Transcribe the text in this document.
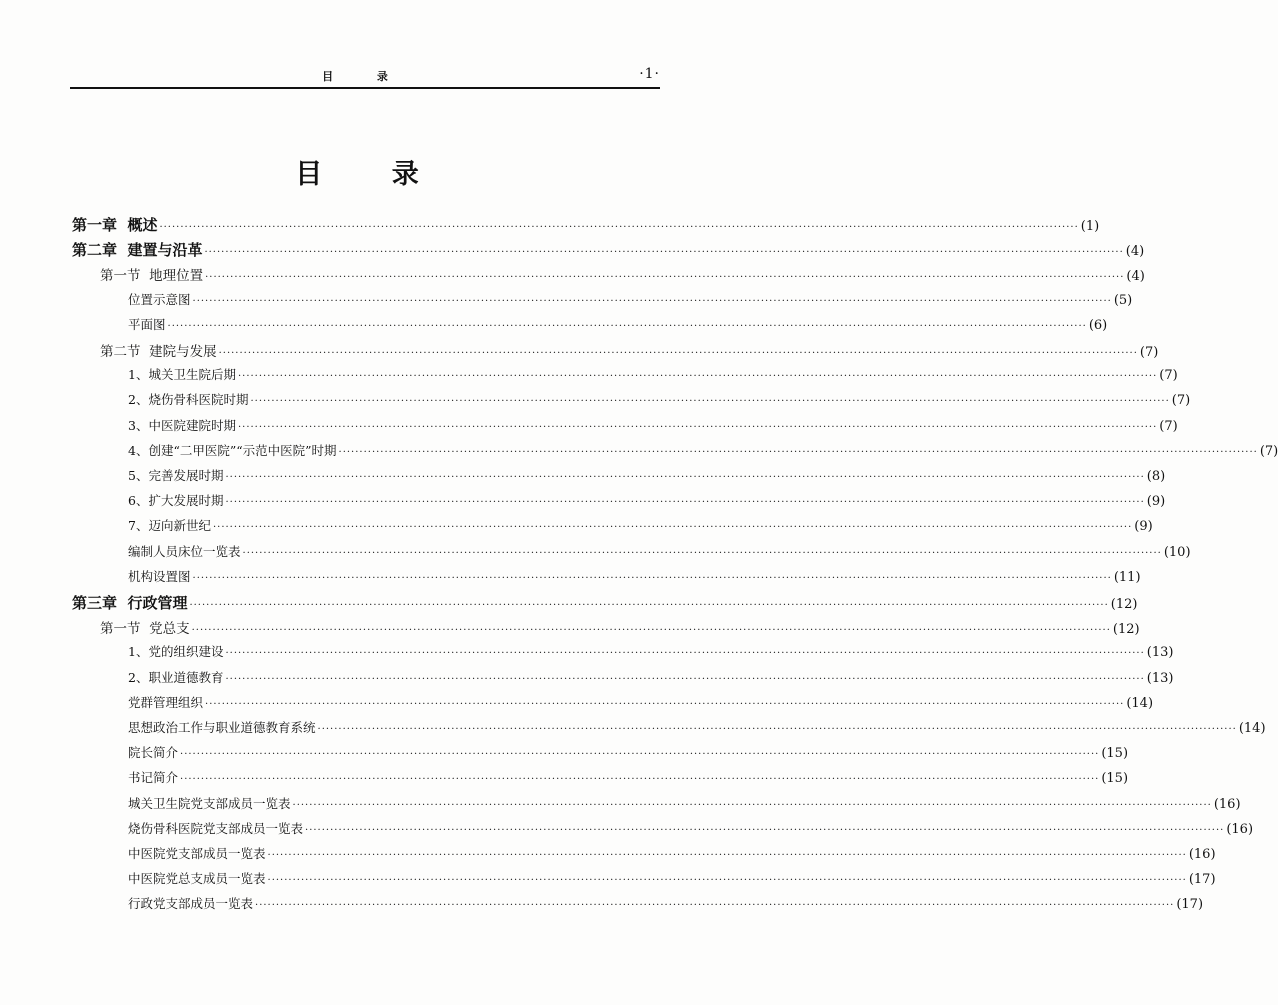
目 录	·1·
目 录
第一章  概述 ···························································································································································································································· (1)
第二章  建置与沿革 ···························································································································································································································· (4)
第一节  地理位置 ···························································································································································································································· (4)
位置示意图 ···························································································································································································································· (5)
平面图 ···························································································································································································································· (6)
第二节  建院与发展 ···························································································································································································································· (7)
1、城关卫生院后期 ···························································································································································································································· (7)
2、烧伤骨科医院时期 ···························································································································································································································· (7)
3、中医院建院时期 ···························································································································································································································· (7)
4、创建“二甲医院”“示范中医院”时期 ···························································································································································································································· (7)
5、完善发展时期 ···························································································································································································································· (8)
6、扩大发展时期 ···························································································································································································································· (9)
7、迈向新世纪 ···························································································································································································································· (9)
编制人员床位一览表 ···························································································································································································································· (10)
机构设置图 ···························································································································································································································· (11)
第三章  行政管理 ···························································································································································································································· (12)
第一节  党总支 ···························································································································································································································· (12)
1、党的组织建设 ···························································································································································································································· (13)
2、职业道德教育 ···························································································································································································································· (13)
党群管理组织 ···························································································································································································································· (14)
思想政治工作与职业道德教育系统 ···························································································································································································································· (14)
院长简介 ···························································································································································································································· (15)
书记简介 ···························································································································································································································· (15)
城关卫生院党支部成员一览表 ···························································································································································································································· (16)
烧伤骨科医院党支部成员一览表 ···························································································································································································································· (16)
中医院党支部成员一览表 ···························································································································································································································· (16)
中医院党总支成员一览表 ···························································································································································································································· (17)
行政党支部成员一览表 ···························································································································································································································· (17)
